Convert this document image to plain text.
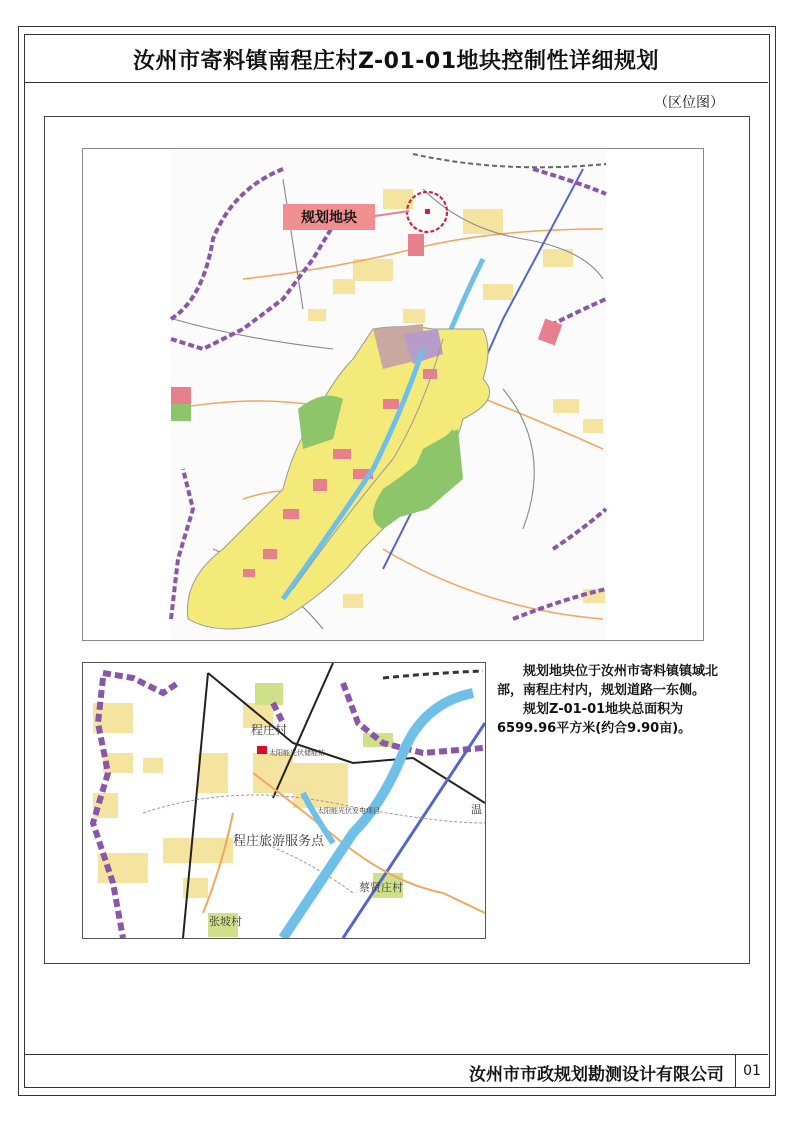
汝州市寄料镇南程庄村Z-01-01地块控制性详细规划
（区位图）
规划地块
程庄村
太阳能光伏储能站
太阳能光伏发电项目
程庄旅游服务点
蔡贤庄村
张坡村
温

规划地块位于汝州市寄料镇镇域北部，南程庄村内，规划道路一东侧。

规划Z-01-01地块总面积为6599.96平方米(约合9.90亩)。

汝州市市政规划勘测设计有限公司	01
